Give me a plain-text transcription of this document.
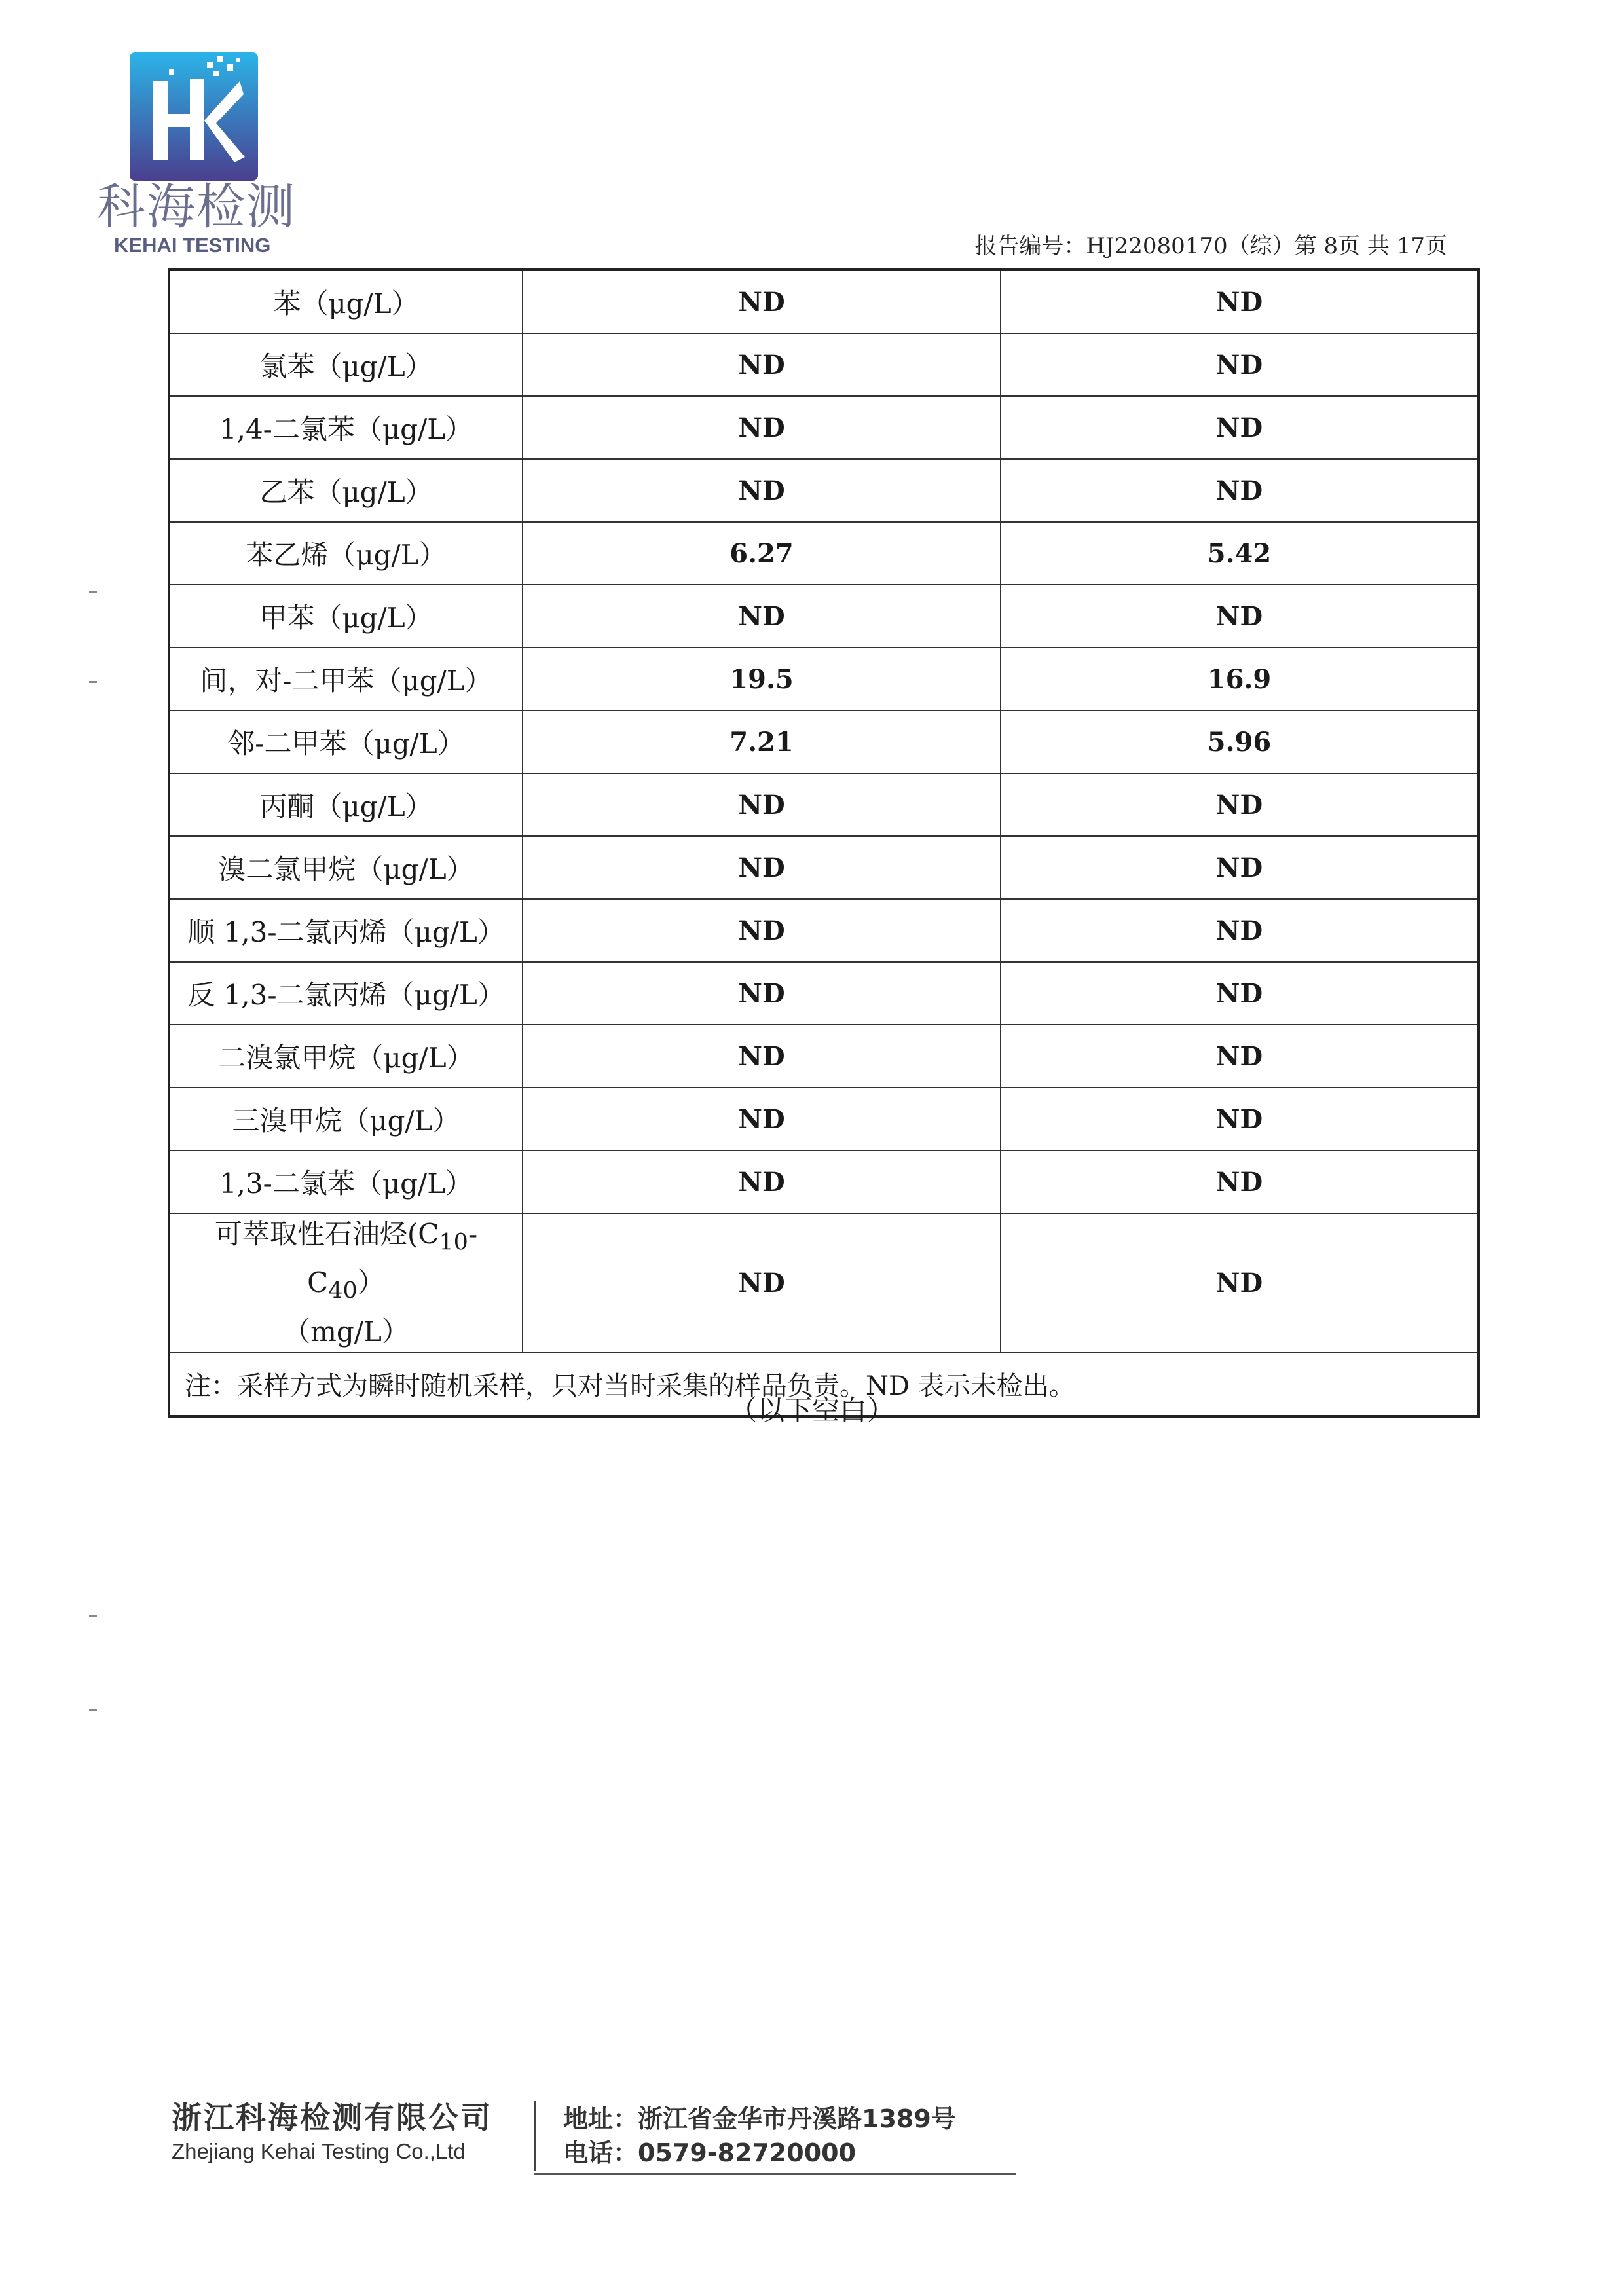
科海检测
KEHAI TESTING	报告编号：HJ22080170（综）第 8页 共 17页
苯（μg/L）	ND	ND
氯苯（μg/L）	ND	ND
1,4-二氯苯（μg/L）	ND	ND
乙苯（μg/L）	ND	ND
苯乙烯（μg/L）	6.27	5.42
甲苯（μg/L）	ND	ND
间，对-二甲苯（μg/L）	19.5	16.9
邻-二甲苯（μg/L）	7.21	5.96
丙酮（μg/L）	ND	ND
溴二氯甲烷（μg/L）	ND	ND
顺 1,3-二氯丙烯（μg/L）	ND	ND
反 1,3-二氯丙烯（μg/L）	ND	ND
二溴氯甲烷（μg/L）	ND	ND
三溴甲烷（μg/L）	ND	ND
1,3-二氯苯（μg/L）	ND	ND
可萃取性石油烃($C_{10}-$ $C_{40}$）
（mg/L）	ND	ND
注：采样方式为瞬时随机采样，只对当时采集的样品负责。ND 表示未检出。		
（以下空白）
浙江科海检测有限公司
Zhejiang Kehai Testing Co.,Ltd
地址：浙江省金华市丹溪路1389号
电话：0579-82720000
